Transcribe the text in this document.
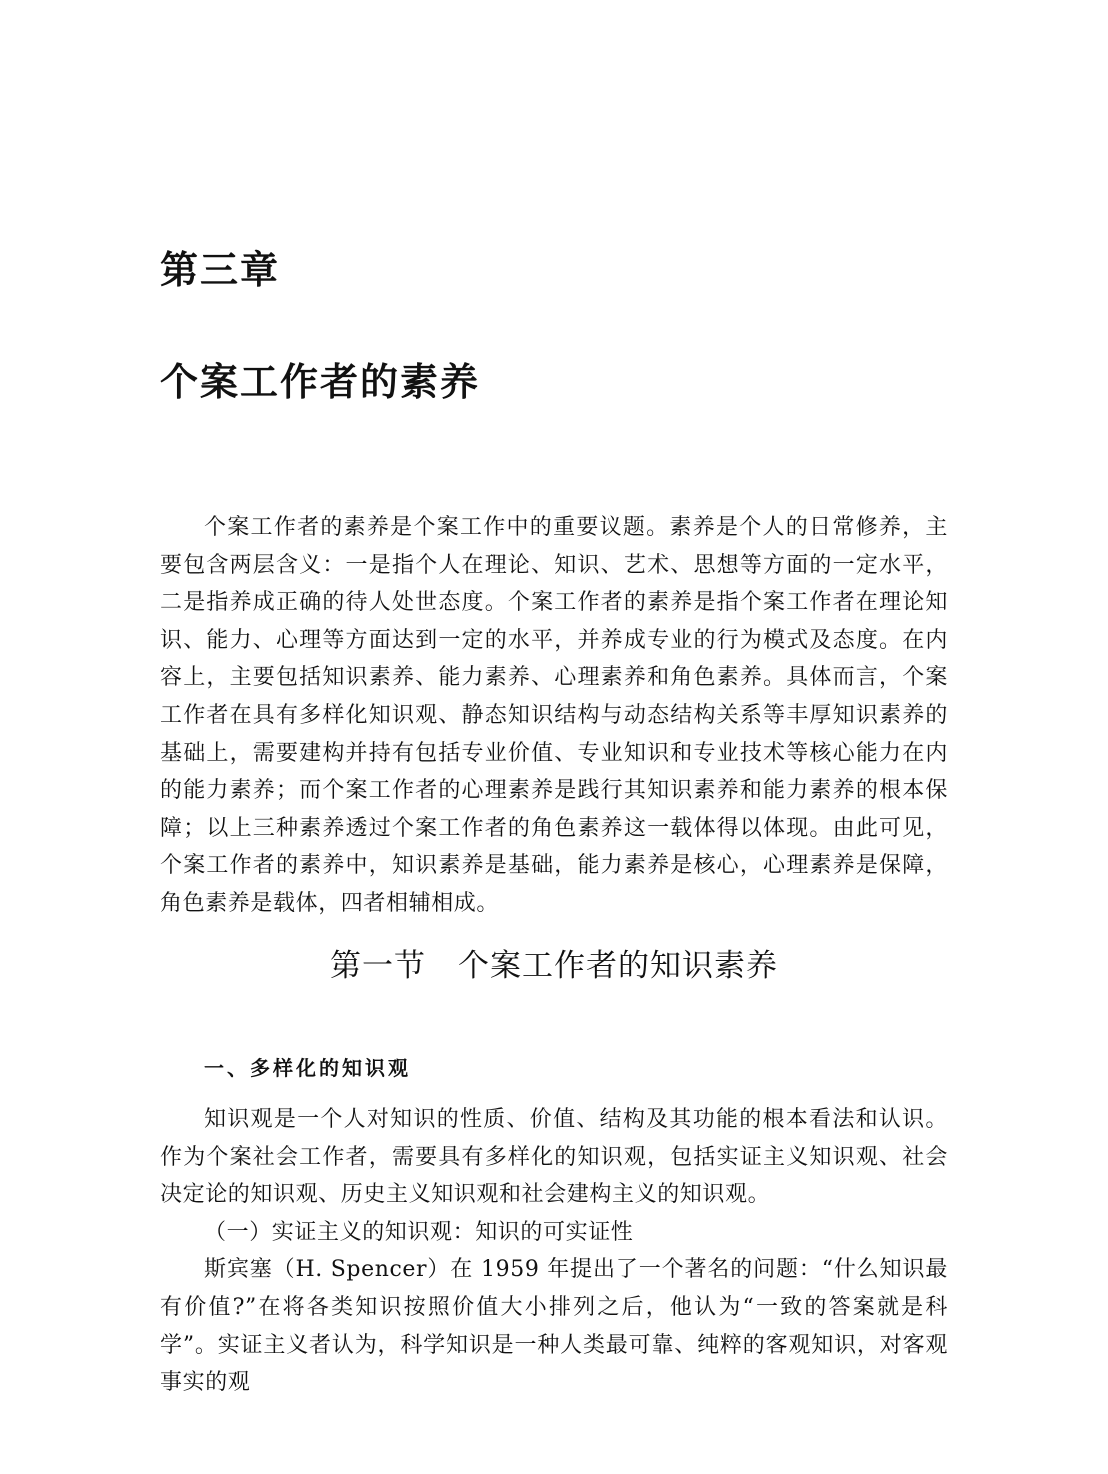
第三章
个案工作者的素养

个案工作者的素养是个案工作中的重要议题。素养是个人的日常修养，主要包含两层含义：一是指个人在理论、知识、艺术、思想等方面的一定水平，二是指养成正确的待人处世态度。个案工作者的素养是指个案工作者在理论知识、能力、心理等方面达到一定的水平，并养成专业的行为模式及态度。在内容上，主要包括知识素养、能力素养、心理素养和角色素养。具体而言，个案工作者在具有多样化知识观、静态知识结构与动态结构关系等丰厚知识素养的基础上，需要建构并持有包括专业价值、专业知识和专业技术等核心能力在内的能力素养；而个案工作者的心理素养是践行其知识素养和能力素养的根本保障；以上三种素养透过个案工作者的角色素养这一载体得以体现。由此可见，个案工作者的素养中，知识素养是基础，能力素养是核心，心理素养是保障，角色素养是载体，四者相辅相成。

第一节　个案工作者的知识素养
一、多样化的知识观

知识观是一个人对知识的性质、价值、结构及其功能的根本看法和认识。作为个案社会工作者，需要具有多样化的知识观，包括实证主义知识观、社会决定论的知识观、历史主义知识观和社会建构主义的知识观。

（一）实证主义的知识观：知识的可实证性

斯宾塞（H. Spencer）在 1959 年提出了一个著名的问题：“什么知识最有价值?”在将各类知识按照价值大小排列之后，他认为“一致的答案就是科学”。实证主义者认为，科学知识是一种人类最可靠、纯粹的客观知识，对客观事实的观
